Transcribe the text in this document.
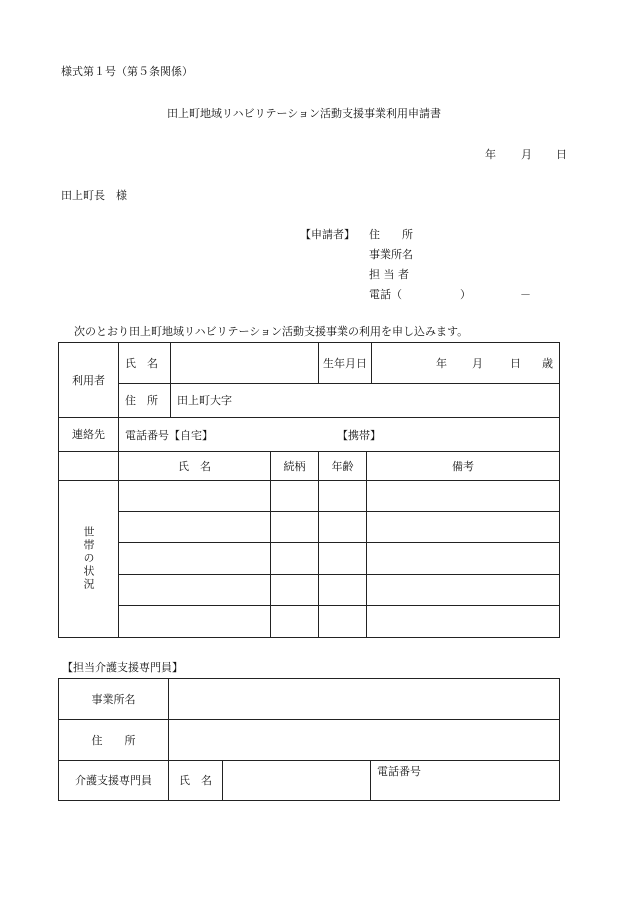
様式第１号（第５条関係）
田上町地域リハビリテーション活動支援事業利用申請書
年 月 日
田上町長　様
【申請者】 住　　所
事業所名
担 当 者
電話（	）	－
次のとおり田上町地域リハビリテーション活動支援事業の利用を申し込みます。
利用者	氏　名			生年月日		年 月 日 歳

	住　所	田上町大字				
連絡先	電話番号【自宅】 【携帯】					

	氏　名		続柄	年齢	備考	
世帯の状況						

【担当介護支援専門員】
事業所名			
住　　所			
介護支援専門員	氏　名		電話番号
